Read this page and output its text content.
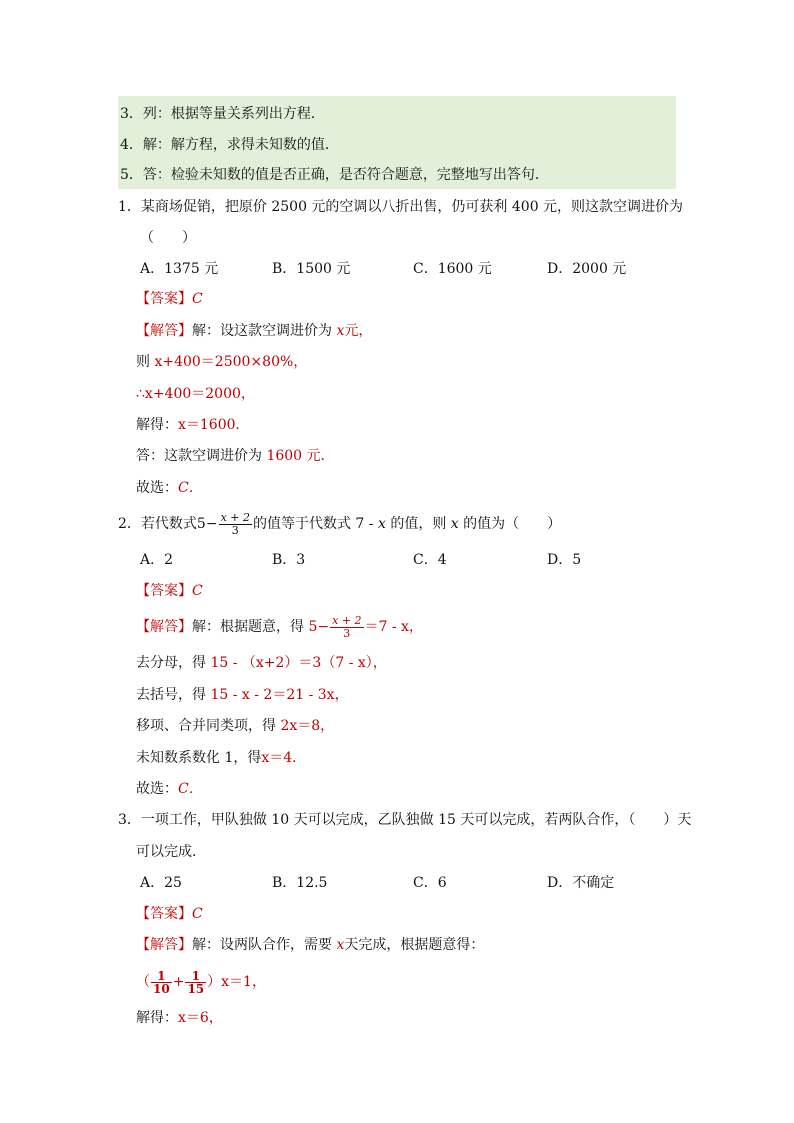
3．列：根据等量关系列出方程．
4．解：解方程，求得未知数的值．
5．答：检验未知数的值是否正确，是否符合题意，完整地写出答句．
1．某商场促销，把原价 2500 元的空调以八折出售，仍可获利 400 元，则这款空调进价为
（　　）
A．1375 元	B．1500 元	C．1600 元	D．2000 元
【答案】C
【解答】解：设这款空调进价为 x元，
则 x+400＝2500×80%，
∴x+400＝2000，
解得：x＝1600．
答：这款空调进价为 1600 元．
故选：C．
2．若代数式$5- \frac{x + 2}{3}$ 的值等于代数式 7 - x 的值，则 x 的值为（　　）
A．2	B．3	C．4	D．5
【答案】C
【解答】解：根据题意，得 $5- \frac{x + 2}{3} =7 - x$，
去分母，得 15 - （x+2）＝3（7 - x），
去括号，得 15 - x - 2＝21 - 3x，
移项、合并同类项，得 2x＝8，
未知数系数化 1，得x＝4．
故选：C．
3．一项工作，甲队独做 10 天可以完成，乙队独做 15 天可以完成，若两队合作，（　　）天
可以完成．
A．25	B．12.5	C．6	D．不确定
【答案】C
【解答】解：设两队合作，需要 x天完成，根据题意得：
（ $\frac{1}{10} + \frac{1}{15} )x=1$，
解得：x＝6，
